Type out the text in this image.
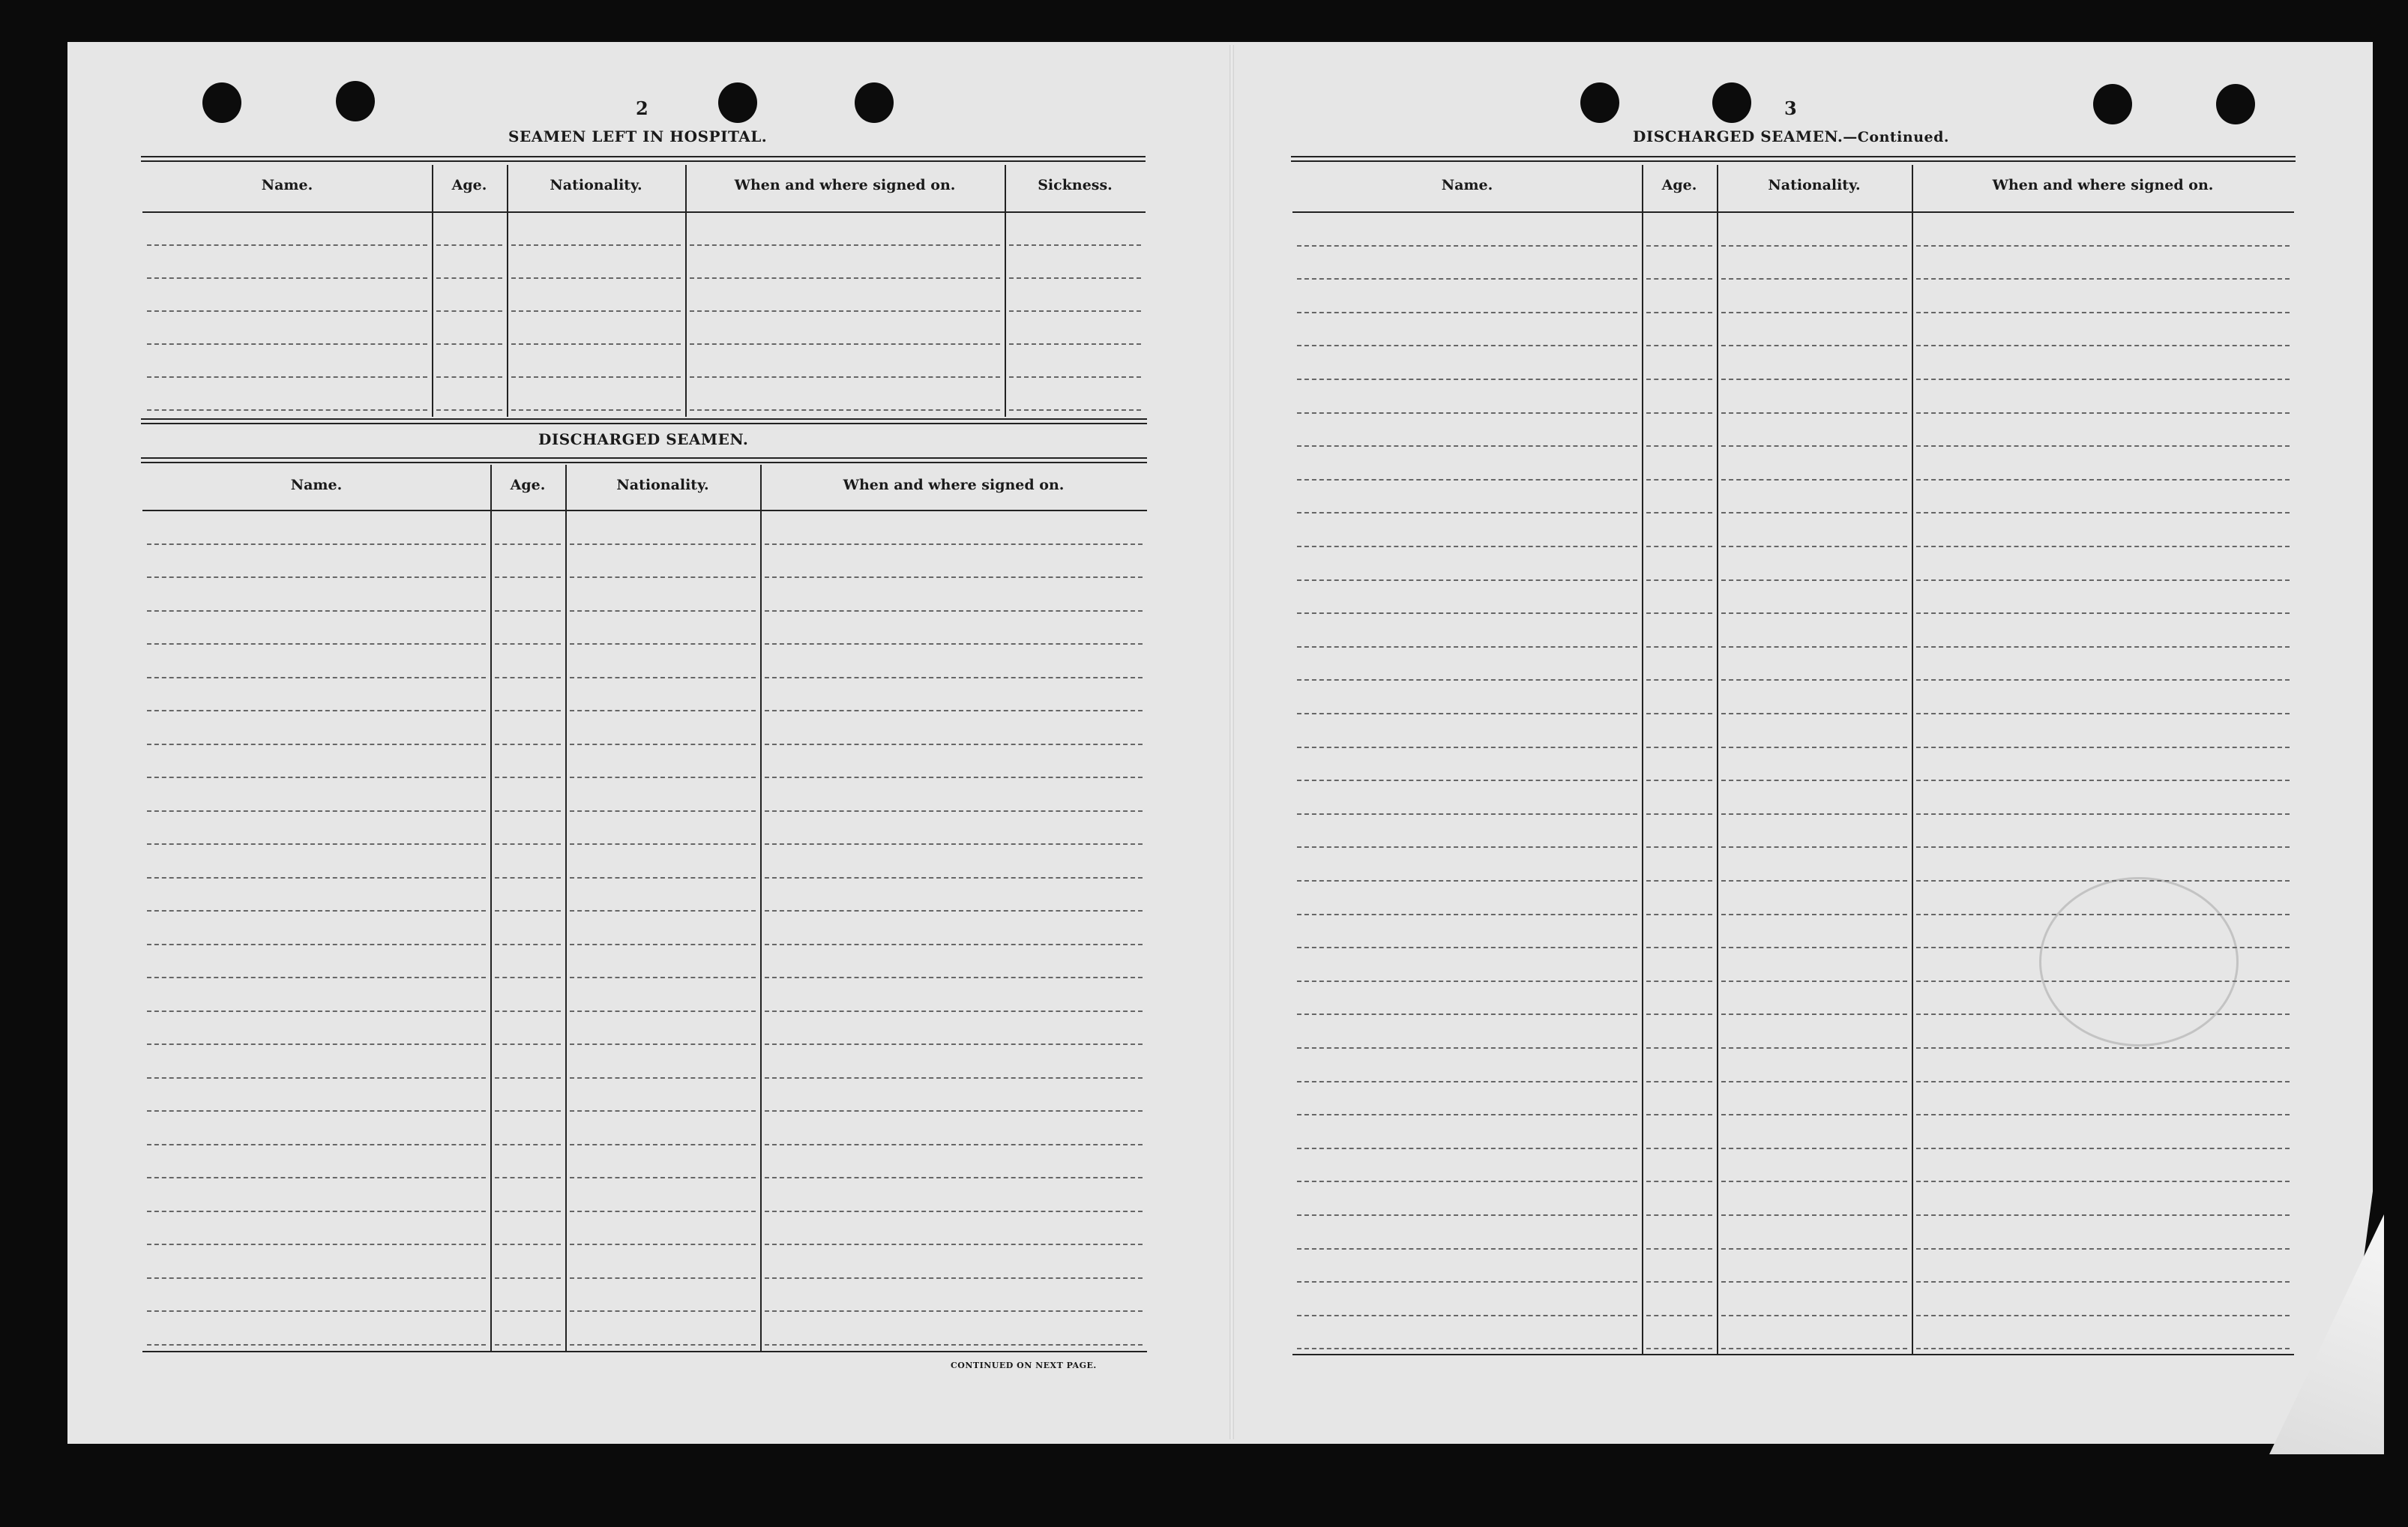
2
SEAMEN LEFT IN HOSPITAL.
DISCHARGED SEAMEN.
CONTINUED ON NEXT PAGE.
3
DISCHARGED SEAMEN.—Continued.
Name.	Age.	Nationality.	When and where signed on.	Sickness.
Name.	Age.	Nationality.	When and where signed on.
Name.	Age.	Nationality.	When and where signed on.
